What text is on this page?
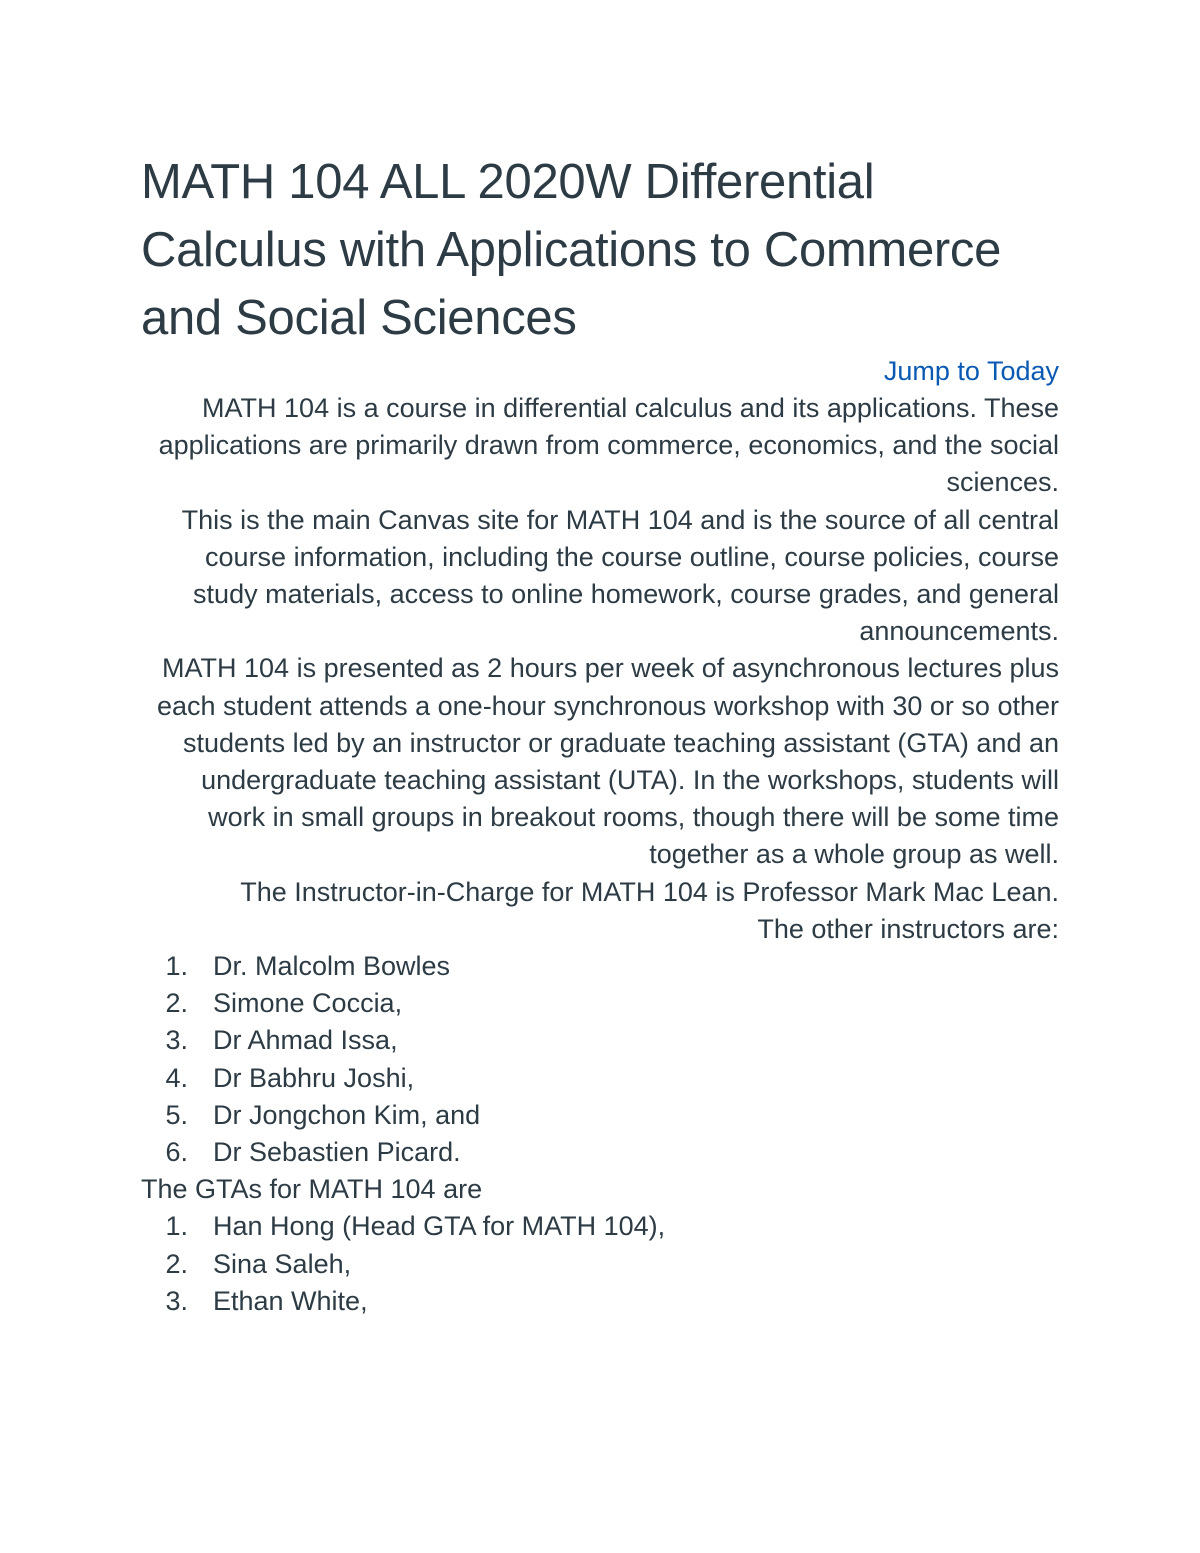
MATH 104 ALL 2020W Differential Calculus with Applications to Commerce and Social Sciences
Jump to Today

MATH 104 is a course in differential calculus and its applications. These applications are primarily drawn from commerce, economics, and the social sciences.

This is the main Canvas site for MATH 104 and is the source of all central course information, including the course outline, course policies, course study materials, access to online homework, course grades, and general announcements.

MATH 104 is presented as 2 hours per week of asynchronous lectures plus each student attends a one-hour synchronous workshop with 30 or so other students led by an instructor or graduate teaching assistant (GTA) and an undergraduate teaching assistant (UTA). In the workshops, students will work in small groups in breakout rooms, though there will be some time together as a whole group as well.

The Instructor-in-Charge for MATH 104 is Professor Mark Mac Lean.

The other instructors are:

1. Dr. Malcolm Bowles
2. Simone Coccia,
3. Dr Ahmad Issa,
4. Dr Babhru Joshi,
5. Dr Jongchon Kim, and
6. Dr Sebastien Picard.

The GTAs for MATH 104 are

1. Han Hong (Head GTA for MATH 104),
2. Sina Saleh,
3. Ethan White,
